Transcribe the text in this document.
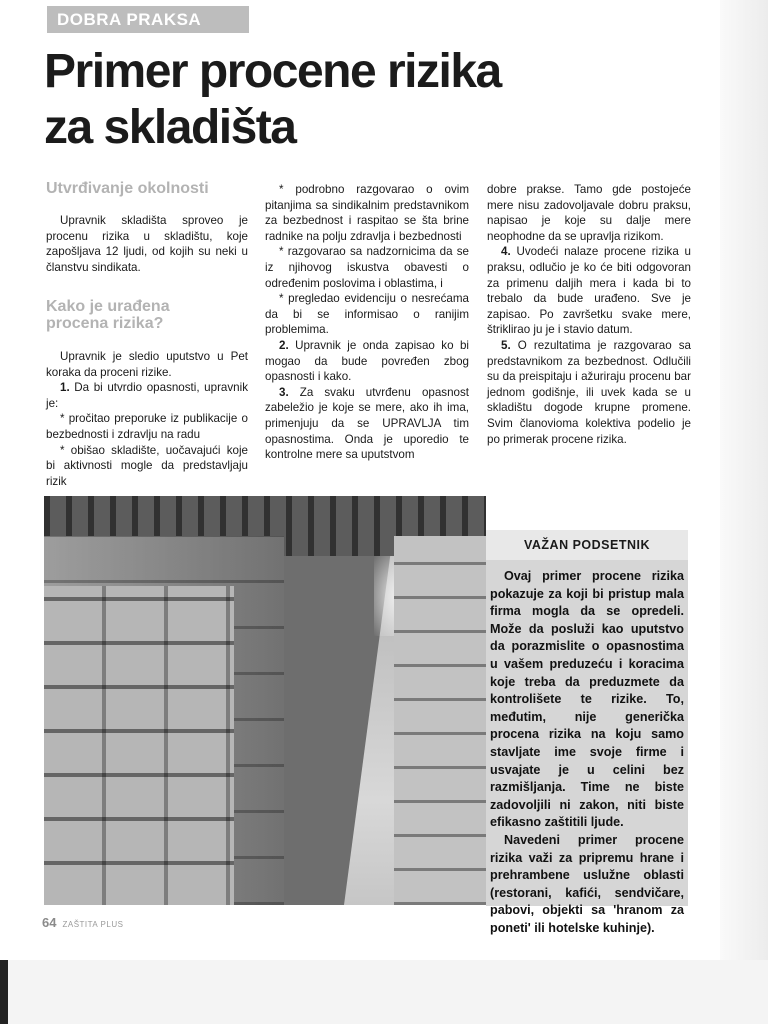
DOBRA PRAKSA
Primer procene rizika
za skladišta
Utvrđivanje okolnosti

Upravnik skladišta sproveo je procenu rizika u skladištu, koje zapošljava 12 ljudi, od kojih su neki u članstvu sindikata.

Kako je urađena procena rizika?

Upravnik je sledio uputstvo u Pet koraka da proceni rizike.

1. Da bi utvrdio opasnosti, upravnik je:

* pročitao preporuke iz publikacije o bezbednosti i zdravlju na radu

* obišao skladište, uočavajući koje bi aktivnosti mogle da predstavljaju rizik

* podrobno razgovarao o ovim pitanjima sa sindikalnim predstavnikom za bezbednost i raspitao se šta brine radnike na polju zdravlja i bezbednosti

* razgovarao sa nadzornicima da se iz njihovog iskustva obavesti o određenim poslovima i oblastima, i

* pregledao evidenciju o nesrećama da bi se informisao o ranijim problemima.

2. Upravnik je onda zapisao ko bi mogao da bude povređen zbog opasnosti i kako.

3. Za svaku utvrđenu opasnost zabeležio je koje se mere, ako ih ima, primenjuju da se UPRAVLJA tim opasnostima. Onda je uporedio te kontrolne mere sa uputstvom

dobre prakse. Tamo gde postojeće mere nisu zadovoljavale dobru praksu, napisao je koje su dalje mere neophodne da se upravlja rizikom.

4. Uvodeći nalaze procene rizika u praksu, odlučio je ko će biti odgovoran za primenu daljih mera i kada bi to trebalo da bude urađeno. Sve je zapisao. Po završetku svake mere, štriklirao ju je i stavio datum.

5. O rezultatima je razgovarao sa predstavnikom za bezbednost. Odlučili su da preispitaju i ažuriraju procenu bar jednom godišnje, ili uvek kada se u skladištu dogode krupne promene. Svim članovioma kolektiva podelio je po primerak procene rizika.

VAŽAN PODSETNIK

Ovaj primer procene rizika pokazuje za koji bi pristup mala firma mogla da se opredeli. Može da posluži kao uputstvo da porazmislite o opasnostima u vašem preduzeću i koracima koje treba da preduzmete da kontrolišete te rizike. To, međutim, nije generička procena rizika na koju samo stavljate ime svoje firme i usvajate je u celini bez razmišljanja. Time ne biste zadovoljili ni zakon, niti biste efikasno zaštitili ljude.

Navedeni primer procene rizika važi za pripremu hrane i prehrambene uslužne oblasti (restorani, kafići, sendvičare, pabovi, objekti sa 'hranom za poneti' ili hotelske kuhinje).

64 ZAŠTITA PLUS
